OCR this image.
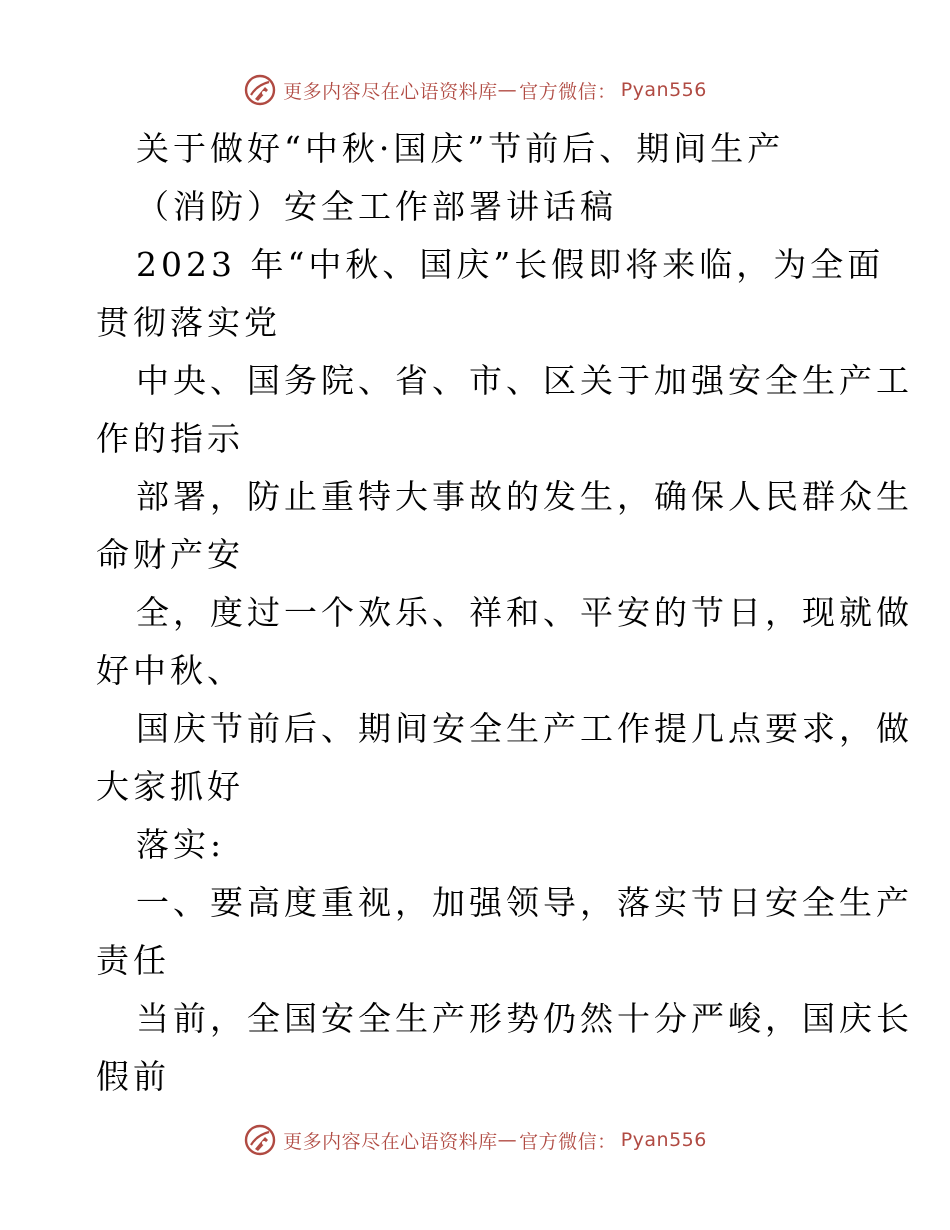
更多内容尽在心语资料库 — 官方微信： Pyan556
关于做好“中秋·国庆”节前后、期间生产
（消防）安全工作部署讲话稿
2023 年“中秋、国庆”长假即将来临，为全面
贯彻落实党
中央、国务院、省、市、区关于加强安全生产工
作的指示
部署，防止重特大事故的发生，确保人民群众生
命财产安
全，度过一个欢乐、祥和、平安的节日，现就做
好中秋、
国庆节前后、期间安全生产工作提几点要求，做
大家抓好
落实:
一、要高度重视，加强领导，落实节日安全生产
责任
当前，全国安全生产形势仍然十分严峻，国庆长
假前
更多内容尽在心语资料库 — 官方微信： Pyan556
